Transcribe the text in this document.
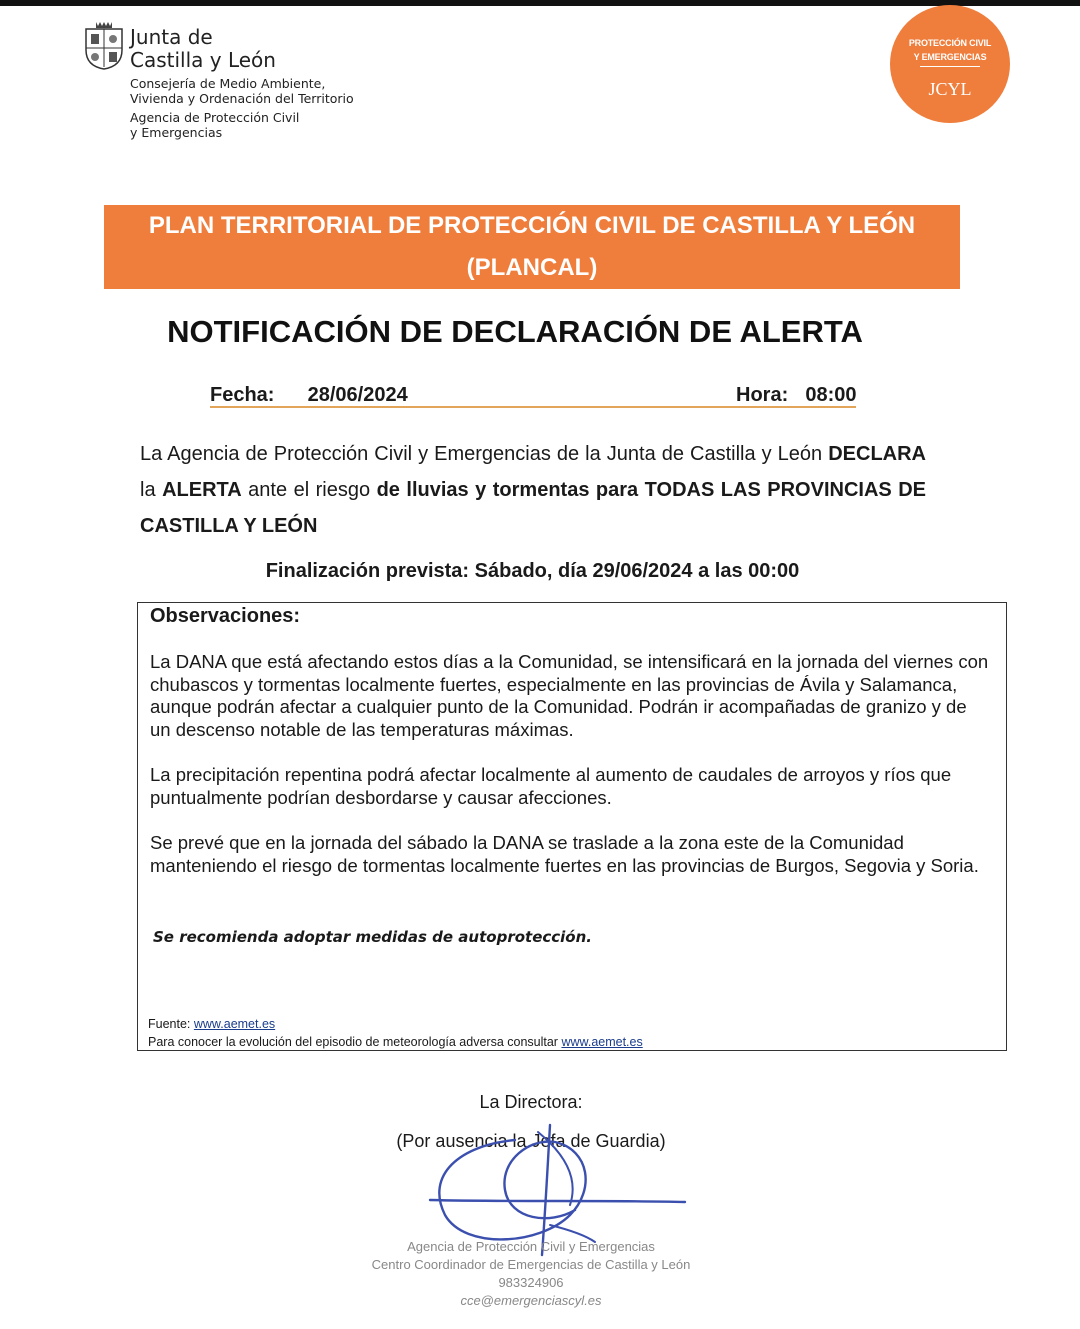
Junta de
Castilla y León
Consejería de Medio Ambiente,
Vivienda y Ordenación del Territorio
Agencia de Protección Civil
y Emergencias
PROTECCIÓN CIVIL
Y EMERGENCIAS
JCYL
PLAN TERRITORIAL DE PROTECCIÓN CIVIL DE CASTILLA Y LEÓN
(PLANCAL)
NOTIFICACIÓN DE DECLARACIÓN DE ALERTA
Fecha: 28/06/2024	Hora: 08:00
La Agencia de Protección Civil y Emergencias de la Junta de Castilla y León DECLARA la ALERTA ante el riesgo de lluvias y tormentas para TODAS LAS PROVINCIAS DE CASTILLA Y LEÓN
Finalización prevista: Sábado, día 29/06/2024 a las 00:00
Observaciones:
La DANA que está afectando estos días a la Comunidad, se intensificará en la jornada del viernes con chubascos y tormentas localmente fuertes, especialmente en las provincias de Ávila y Salamanca, aunque podrán afectar a cualquier punto de la Comunidad. Podrán ir acompañadas de granizo y de un descenso notable de las temperaturas máximas.
La precipitación repentina podrá afectar localmente al aumento de caudales de arroyos y ríos que puntualmente podrían desbordarse y causar afecciones.
Se prevé que en la jornada del sábado la DANA se traslade a la zona este de la Comunidad manteniendo el riesgo de tormentas localmente fuertes en las provincias de Burgos, Segovia y Soria.
Se recomienda adoptar medidas de autoprotección.
Fuente: www.aemet.es
Para conocer la evolución del episodio de meteorología adversa consultar www.aemet.es
La Directora:
(Por ausencia la Jefa de Guardia)
Agencia de Protección Civil y Emergencias
Centro Coordinador de Emergencias de Castilla y León
983324906
cce@emergenciascyl.es
